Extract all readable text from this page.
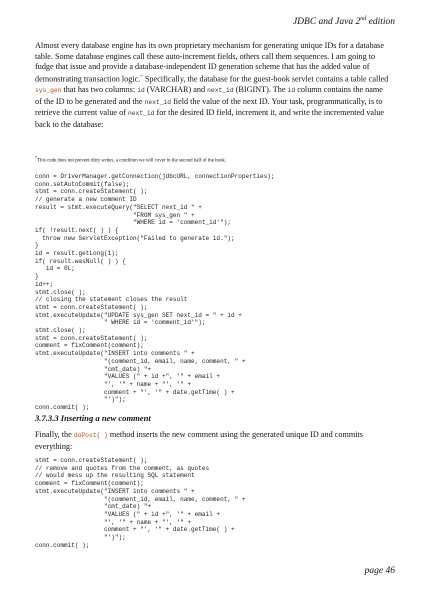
JDBC and Java 2nd edition

Almost every database engine has its own proprietary mechanism for generating unique IDs for a database table. Some database engines call these auto-increment fields, others call them sequences. I am going to fudge that issue and provide a database-independent ID generation scheme that has the added value of demonstrating transaction logic.* Specifically, the database for the guest-book servlet contains a table called sys_gen that has two columns: id (VARCHAR) and next_id (BIGINT). The id column contains the name of the ID to be generated and the next_id field the value of the next ID. Your task, programmatically, is to retrieve the current value of next_id for the desired ID field, increment it, and write the incremented value back to the database:

*This code does not prevent dirty writes, a condition we will cover in the second half of the book.
conn = DriverManager.getConnection(jdbcURL, connectionProperties);
conn.setAutoCommit(false);
stmt = conn.createStatement( );
// generate a new comment ID
result = stmt.executeQuery("SELECT next_id " +
"FROM sys_gen " +
"WHERE id = 'comment_id'");
if( !result.next( ) ) {
throw new ServletException("Failed to generate id.");
}
id = result.getLong(1);
if( result.wasNull( ) ) {
id = 0L;
}
id++;
stmt.close( );
// closing the statement closes the result
stmt = conn.createStatement( );
stmt.executeUpdate("UPDATE sys_gen SET next_id = " + id +
" WHERE id = 'comment_id'");
stmt.close( );
stmt = conn.createStatement( );
comment = fixComment(comment);
stmt.executeUpdate("INSERT into comments " +
"(comment_id, email, name, comment, " +
"cmt_date) "+
"VALUES (" + id +", '" + email +
"', '" + name + "', '" +
comment + "', '" + date.getTime( ) +
"')");
conn.commit( );

3.7.3.3 Inserting a new comment

Finally, the doPost( ) method inserts the new comment using the generated unique ID and commits everything:

stmt = conn.createStatement( );
// remove and quotes from the comment, as quotes
// would mess up the resulting SQL statement
comment = fixComment(comment);
stmt.executeUpdate("INSERT into comments " +
"(comment_id, email, name, comment, " +
"cmt_date) "+
"VALUES (" + id +", '" + email +
"', '" + name + "', '" +
comment + "', '" + date.getTime( ) +
"')");
conn.commit( );
page 46
